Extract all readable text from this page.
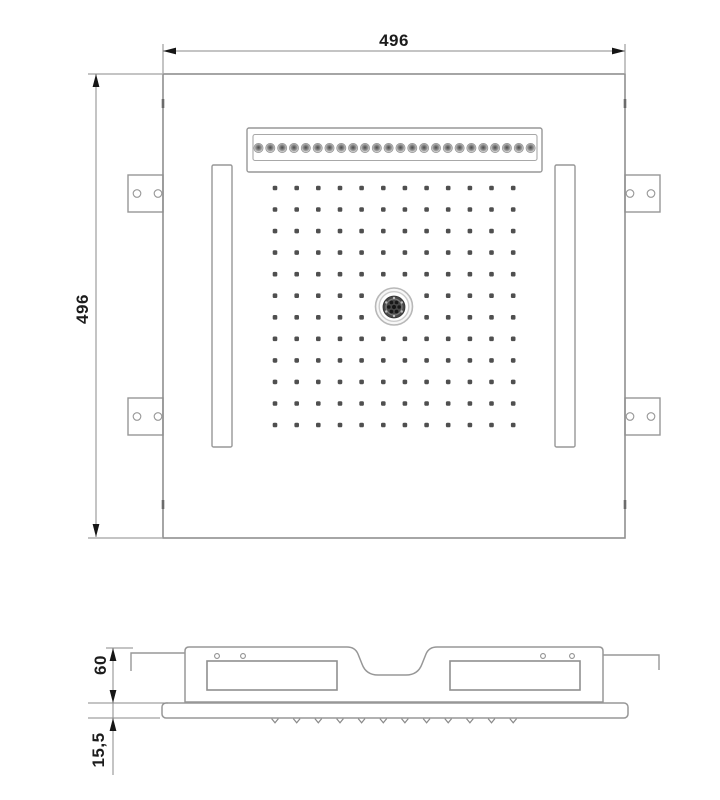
496
496
60
15,5
